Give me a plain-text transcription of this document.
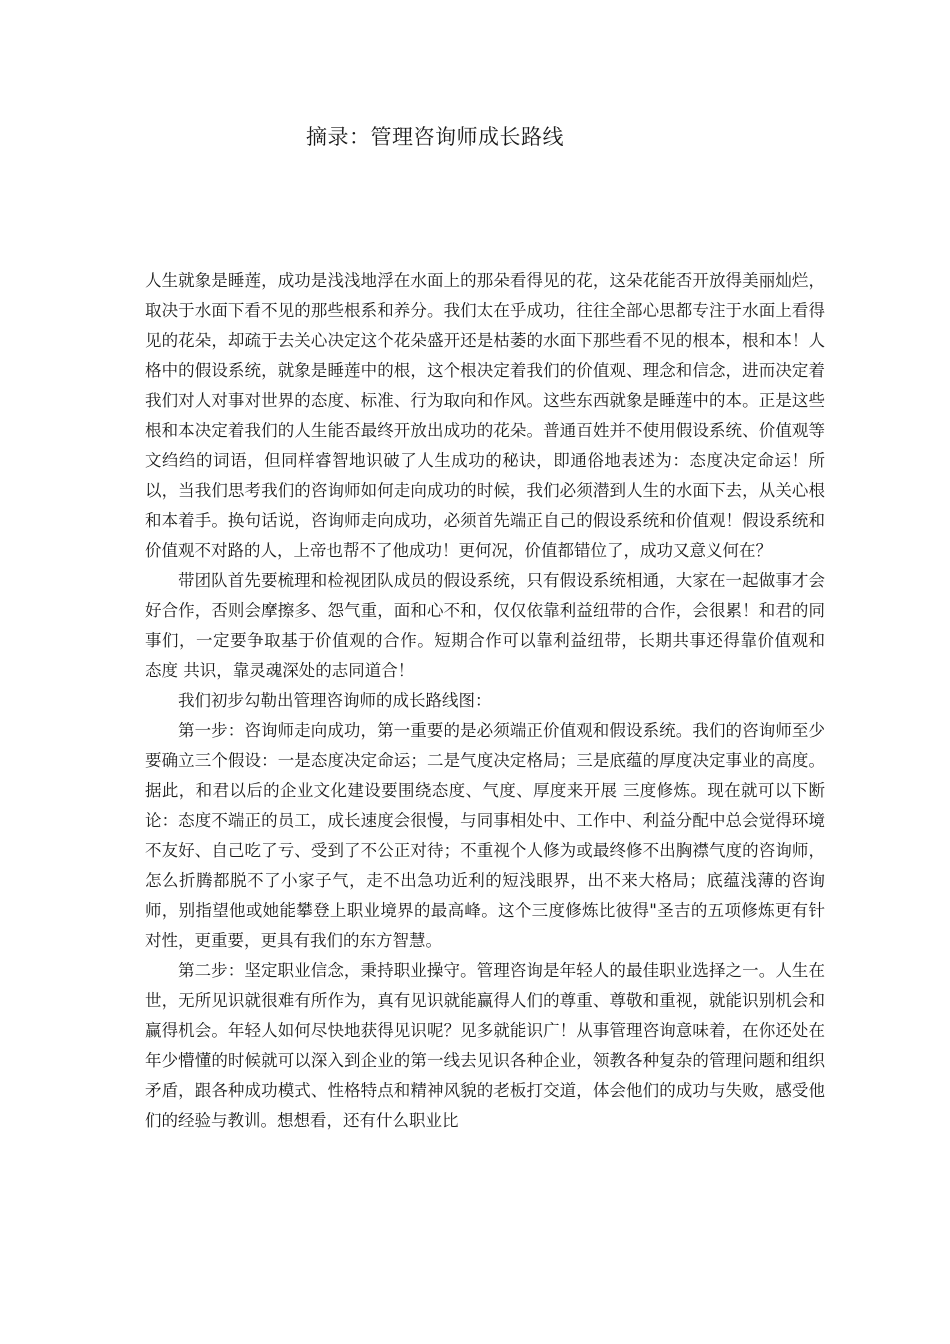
摘录：管理咨询师成长路线

人生就象是睡莲，成功是浅浅地浮在水面上的那朵看得见的花，这朵花能否开放得美丽灿烂，取决于水面下看不见的那些根系和养分。我们太在乎成功，往往全部心思都专注于水面上看得见的花朵，却疏于去关心决定这个花朵盛开还是枯萎的水面下那些看不见的根本，根和本！人格中的假设系统，就象是睡莲中的根，这个根决定着我们的价值观、理念和信念，进而决定着我们对人对事对世界的态度、标准、行为取向和作风。这些东西就象是睡莲中的本。正是这些根和本决定着我们的人生能否最终开放出成功的花朵。普通百姓并不使用假设系统、价值观等文绉绉的词语，但同样睿智地识破了人生成功的秘诀，即通俗地表述为：态度决定命运！所以，当我们思考我们的咨询师如何走向成功的时候，我们必须潜到人生的水面下去，从关心根和本着手。换句话说，咨询师走向成功，必须首先端正自己的假设系统和价值观！假设系统和价值观不对路的人，上帝也帮不了他成功！更何况，价值都错位了，成功又意义何在？

带团队首先要梳理和检视团队成员的假设系统，只有假设系统相通，大家在一起做事才会好合作，否则会摩擦多、怨气重，面和心不和，仅仅依靠利益纽带的合作，会很累！和君的同事们，一定要争取基于价值观的合作。短期合作可以靠利益纽带，长期共事还得靠价值观和 态度 共识，靠灵魂深处的志同道合！

我们初步勾勒出管理咨询师的成长路线图：

第一步：咨询师走向成功，第一重要的是必须端正价值观和假设系统。我们的咨询师至少要确立三个假设：一是态度决定命运；二是气度决定格局；三是底蕴的厚度决定事业的高度。据此，和君以后的企业文化建设要围绕态度、气度、厚度来开展 三度修炼。现在就可以下断论：态度不端正的员工，成长速度会很慢，与同事相处中、工作中、利益分配中总会觉得环境不友好、自己吃了亏、受到了不公正对待；不重视个人修为或最终修不出胸襟气度的咨询师，怎么折腾都脱不了小家子气，走不出急功近利的短浅眼界，出不来大格局；底蕴浅薄的咨询师，别指望他或她能攀登上职业境界的最高峰。这个三度修炼比彼得"圣吉的五项修炼更有针对性，更重要，更具有我们的东方智慧。

第二步：坚定职业信念，秉持职业操守。管理咨询是年轻人的最佳职业选择之一。人生在世，无所见识就很难有所作为，真有见识就能赢得人们的尊重、尊敬和重视，就能识别机会和赢得机会。年轻人如何尽快地获得见识呢？见多就能识广！从事管理咨询意味着，在你还处在年少懵懂的时候就可以深入到企业的第一线去见识各种企业，领教各种复杂的管理问题和组织矛盾，跟各种成功模式、性格特点和精神风貌的老板打交道，体会他们的成功与失败，感受他们的经验与教训。想想看，还有什么职业比
